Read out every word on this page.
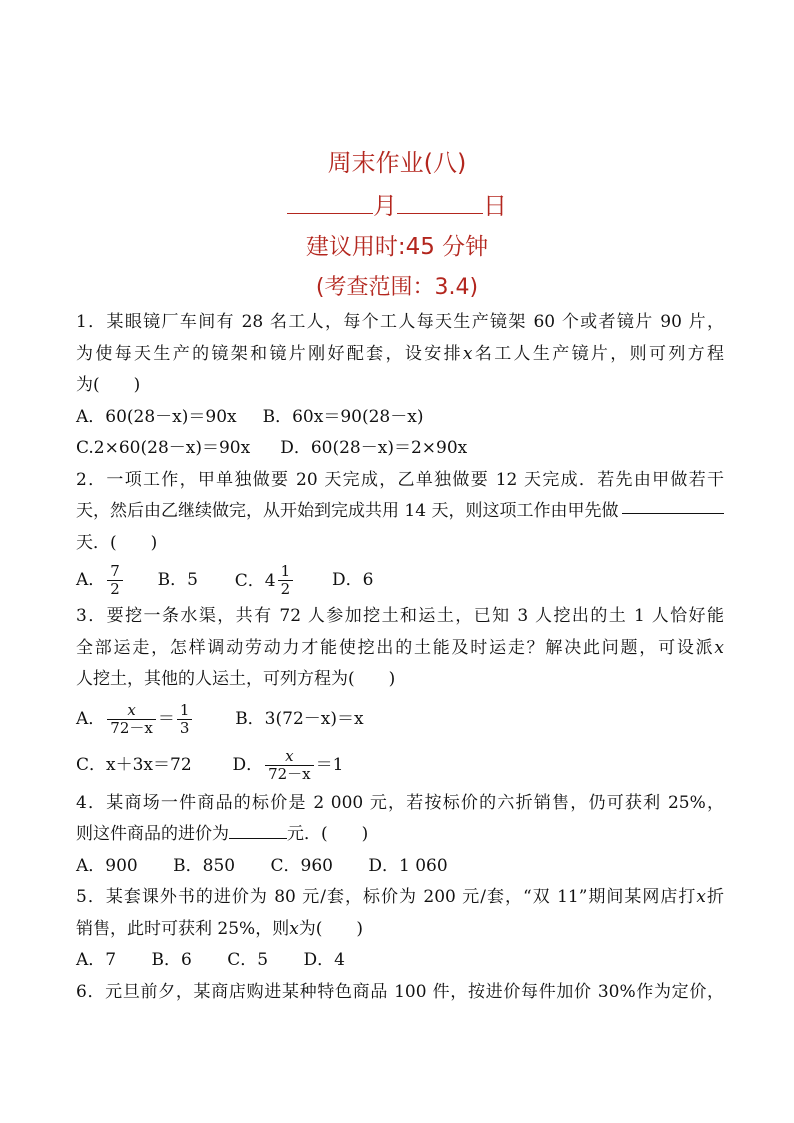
周末作业(八)
月	日
建议用时:45 分钟
(考查范围：3.4)
1．某眼镜厂车间有 28 名工人，每个工人每天生产镜架 60 个或者镜片 90 片，
为使每天生产的镜架和镜片刚好配套，设安排x名工人生产镜片，则可列方程
为(　　)
A．60(28－x)＝90x B．60x＝90(28－x)
C.2×60(28－x)＝90x D．60(28－x)＝2×90x
2．一项工作，甲单独做要 20 天完成，乙单独做要 12 天完成．若先由甲做若干
天，然后由乙继续做完，从开始到完成共用 14 天，则这项工作由甲先做
天．(　　)
A． $\frac{7}{2}$ B．5 C．$4 \frac{1}{2}$ D．6
3．要挖一条水渠，共有 72 人参加挖土和运土，已知 3 人挖出的土 1 人恰好能
全部运走，怎样调动劳动力才能使挖出的土能及时运走？解决此问题，可设派x
人挖土，其他的人运土，可列方程为(　　)
A． $\frac{x}{72-x} = \frac{1}{3}$	B．3(72－x)＝x
C．x＋3x＝72 D． $\frac{x}{72-x} =1$
4．某商场一件商品的标价是 2 000 元，若按标价的六折销售，仍可获利 25%，
则这件商品的进价为	元．(　　)
A．900 B．850 C．960 D．1 060
5．某套课外书的进价为 80 元/套，标价为 200 元/套，“双 11”期间某网店打x折
销售，此时可获利 25%，则x为(　　)
A．7 B．6 C．5 D．4
6．元旦前夕，某商店购进某种特色商品 100 件，按进价每件加价 30%作为定价，
